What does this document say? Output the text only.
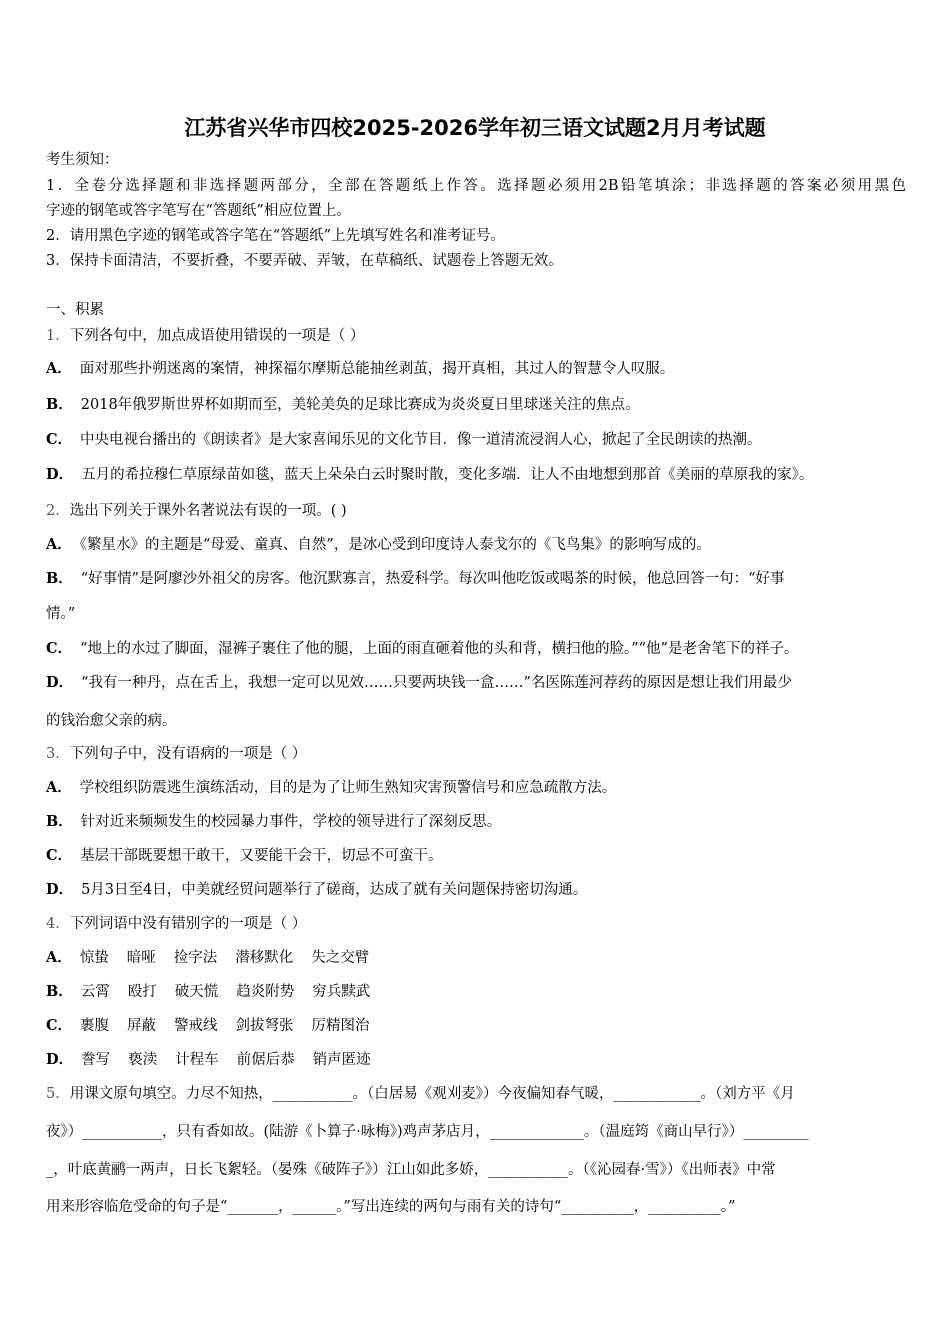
江苏省兴华市四校2025-2026学年初三语文试题2月月考试题
考生须知：
1．全卷分选择题和非选择题两部分，全部在答题纸上作答。选择题必须用2B铅笔填涂；非选择题的答案必须用黑色
字迹的钢笔或答字笔写在“答题纸”相应位置上。
2．请用黑色字迹的钢笔或答字笔在“答题纸”上先填写姓名和准考证号。
3．保持卡面清洁，不要折叠，不要弄破、弄皱，在草稿纸、试题卷上答题无效。
一、积累
1．下列各句中，加点成语使用错误的一项是（ ）
A． 面对那些扑朔迷离的案情，神探福尔摩斯总能抽丝剥茧，揭开真相，其过人的智慧令人叹服。
B． 2018年俄罗斯世界杯如期而至，美轮美奂的足球比赛成为炎炎夏日里球迷关注的焦点。
C． 中央电视台播出的《朗读者》是大家喜闻乐见的文化节目．像一道清流浸润人心，掀起了全民朗读的热潮。
D． 五月的希拉穆仁草原绿苗如毯，蓝天上朵朵白云时聚时散，变化多端．让人不由地想到那首《美丽的草原我的家》。
2．选出下列关于课外名著说法有误的一项。( )
A． 《繁星水》的主题是“母爱、童真、自然”，是冰心受到印度诗人泰戈尔的《飞鸟集》的影响写成的。
B． “好事情”是阿廖沙外祖父的房客。他沉默寡言，热爱科学。每次叫他吃饭或喝茶的时候，他总回答一句：“好事
情。”
C． “地上的水过了脚面，湿裤子裹住了他的腿，上面的雨直砸着他的头和背，横扫他的脸。”“他”是老舍笔下的祥子。
D． “我有一种丹，点在舌上，我想一定可以见效……只要两块钱一盒……”名医陈莲河荐药的原因是想让我们用最少
的钱治愈父亲的病。
3．下列句子中，没有语病的一项是（ ）
A． 学校组织防震逃生演练活动，目的是为了让师生熟知灾害预警信号和应急疏散方法。
B． 针对近来频频发生的校园暴力事件，学校的领导进行了深刻反思。
C． 基层干部既要想干敢干，又要能干会干，切忌不可蛮干。
D． 5月3日至4日，中美就经贸问题举行了磋商，达成了就有关问题保持密切沟通。
4．下列词语中没有错别字的一项是（ ）
A． 惊蛰 暗哑 捡字法 潜移默化 失之交臂
B． 云霄 殴打 破天慌 趋炎附势 穷兵黩武
C． 裹腹 屏蔽 警戒线 剑拔弩张 厉精图治
D． 誊写 亵渎 计程车 前倨后恭 销声匿迹
5．用课文原句填空。力尽不知热，___________。（白居易《观刈麦》）今夜偏知春气暖，____________。（刘方平《月
夜》）___________，只有香如故。(陆游《卜算子·咏梅》)鸡声茅店月，_____________。（温庭筠《商山早行》）_________
_，叶底黄鹂一两声，日长飞絮轻。（晏殊《破阵子》）江山如此多娇，___________。（《沁园春·雪》）《出师表》中常
用来形容临危受命的句子是“_______，______。”写出连续的两句与雨有关的诗句“__________，__________。”
